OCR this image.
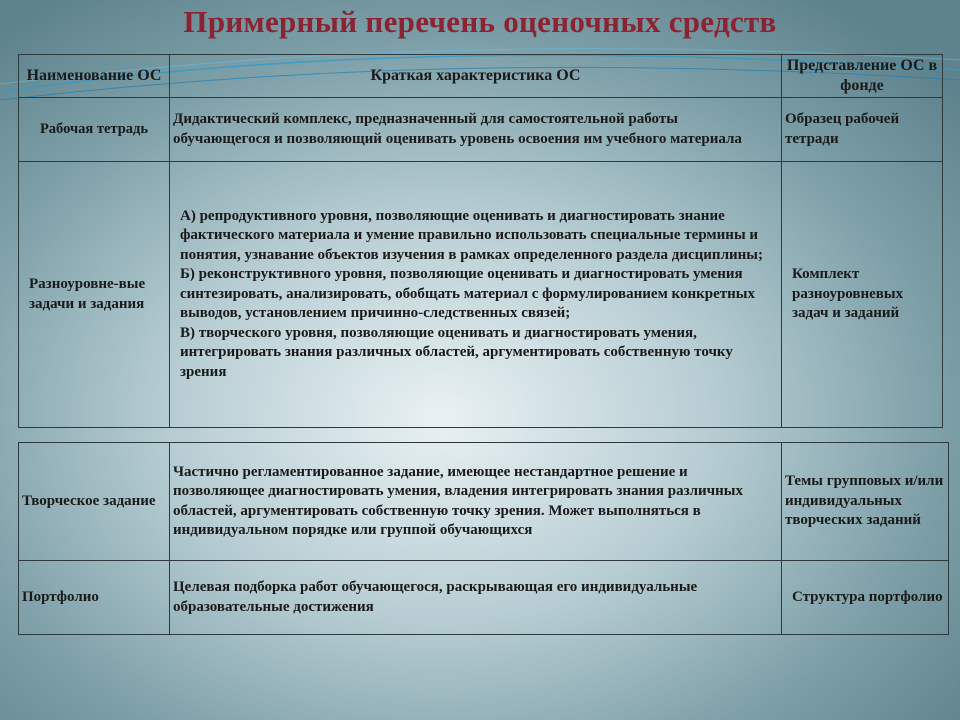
Примерный перечень оценочных средств
Наименование ОС	Краткая характеристика ОС	Представление ОС в фонде
Рабочая тетрадь	Дидактический комплекс, предназначенный для самостоятельной работы обучающегося и позволяющий оценивать уровень освоения им учебного материала	Образец рабочей тетради
Разноуровне-вые задачи и задания	А) репродуктивного уровня, позволяющие оценивать и диагностировать знание фактического материала и умение правильно использовать специальные термины и понятия, узнавание объектов изучения в рамках определенного раздела дисциплины;
Б) реконструктивного уровня, позволяющие оценивать и диагностировать умения синтезировать, анализировать, обобщать материал с формулированием конкретных выводов, установлением причинно-следственных связей;
В) творческого уровня, позволяющие оценивать и диагностировать умения, интегрировать знания различных областей, аргументировать собственную точку зрения	Комплект разноуровневых задач и заданий
Творческое задание	Частично регламентированное задание, имеющее нестандартное решение и позволяющее диагностировать умения, владения интегрировать знания различных областей, аргументировать собственную точку зрения. Может выполняться в индивидуальном порядке или группой обучающихся	Темы групповых и/или индивидуальных творческих заданий
Портфолио	Целевая подборка работ обучающегося, раскрывающая его индивидуальные образовательные достижения	Структура портфолио
